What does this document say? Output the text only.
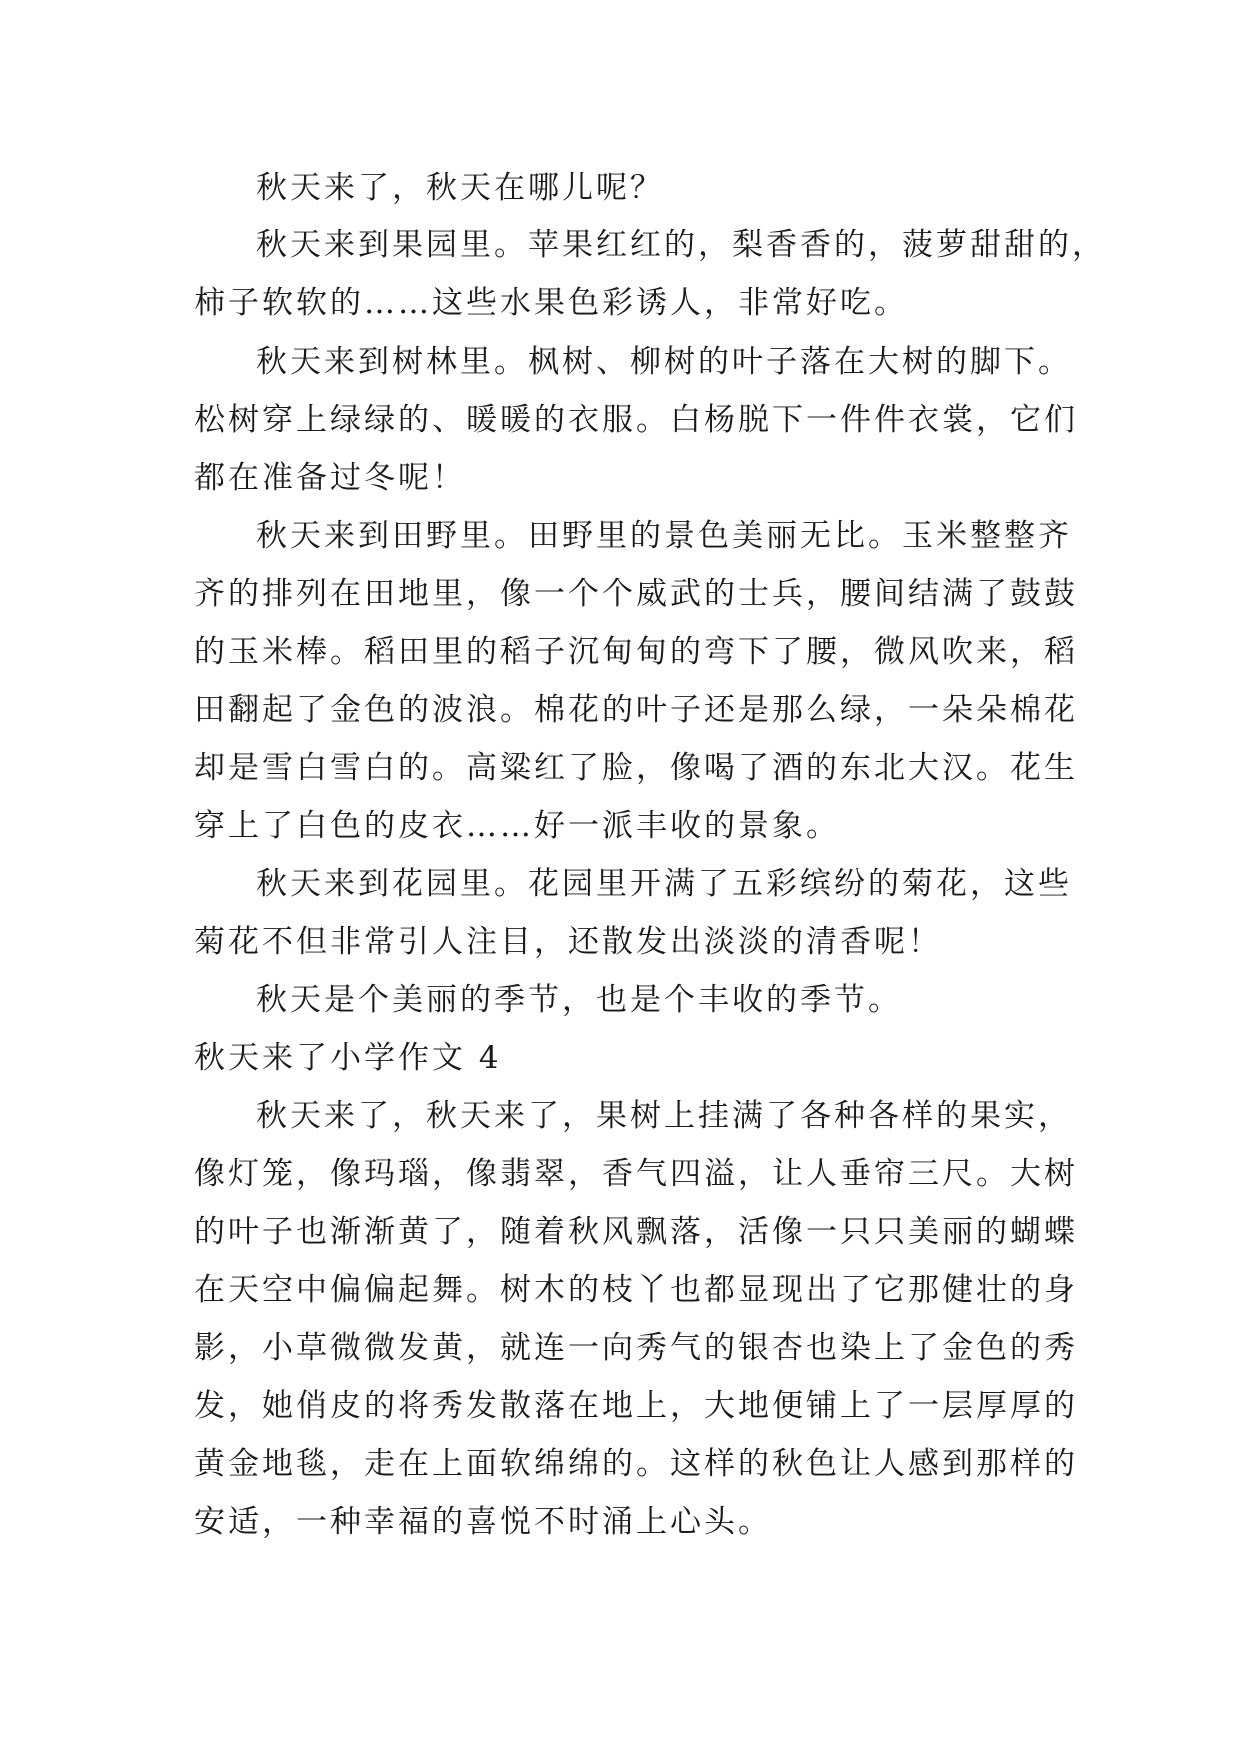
秋天来了，秋天在哪儿呢？
秋天来到果园里。苹果红红的，梨香香的，菠萝甜甜的，
柿子软软的……这些水果色彩诱人，非常好吃。
秋天来到树林里。枫树、柳树的叶子落在大树的脚下。
松树穿上绿绿的、暖暖的衣服。白杨脱下一件件衣裳，它们
都在准备过冬呢！
秋天来到田野里。田野里的景色美丽无比。玉米整整齐
齐的排列在田地里，像一个个威武的士兵，腰间结满了鼓鼓
的玉米棒。稻田里的稻子沉甸甸的弯下了腰，微风吹来，稻
田翻起了金色的波浪。棉花的叶子还是那么绿，一朵朵棉花
却是雪白雪白的。高粱红了脸，像喝了酒的东北大汉。花生
穿上了白色的皮衣……好一派丰收的景象。
秋天来到花园里。花园里开满了五彩缤纷的菊花，这些
菊花不但非常引人注目，还散发出淡淡的清香呢！
秋天是个美丽的季节，也是个丰收的季节。
秋天来了小学作文 4
秋天来了，秋天来了，果树上挂满了各种各样的果实，
像灯笼，像玛瑙，像翡翠，香气四溢，让人垂帘三尺。大树
的叶子也渐渐黄了，随着秋风飘落，活像一只只美丽的蝴蝶
在天空中偏偏起舞。树木的枝丫也都显现出了它那健壮的身
影，小草微微发黄，就连一向秀气的银杏也染上了金色的秀
发，她俏皮的将秀发散落在地上，大地便铺上了一层厚厚的
黄金地毯，走在上面软绵绵的。这样的秋色让人感到那样的
安适，一种幸福的喜悦不时涌上心头。
